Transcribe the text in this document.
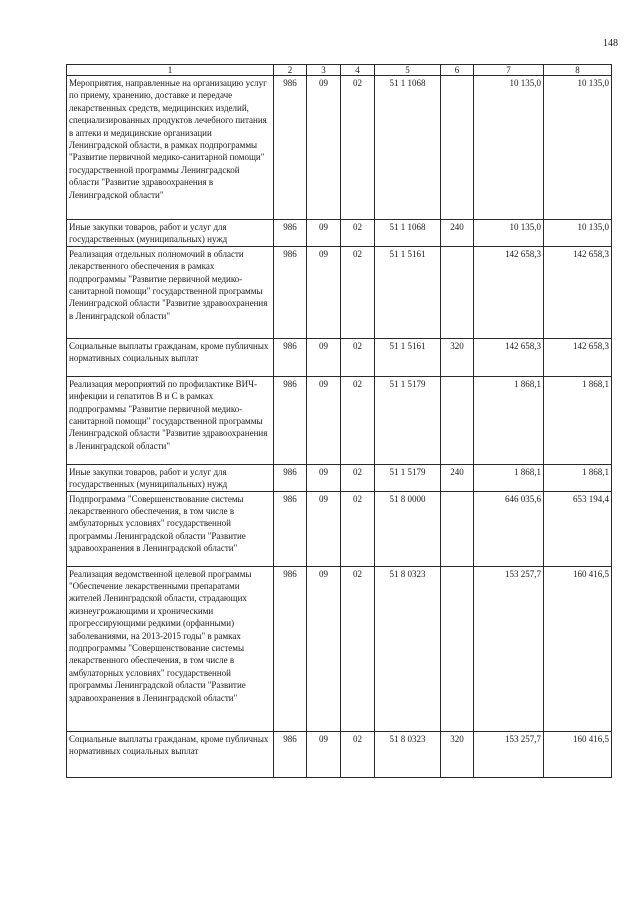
148
1	2	3	4	5	6	7	8
Мероприятия, направленные на организацию услуг по приему, хранению, доставке и передаче лекарственных средств, медицинских изделий, специализированных продуктов лечебного питания в аптеки и медицинские организации Ленинградской области, в рамках подпрограммы "Развитие первичной медико-санитарной помощи" государственной программы Ленинградской области "Развитие здравоохранения в Ленинградской области"	986	09	02	51 1 1068		10 135,0	10 135,0
Иные закупки товаров, работ и услуг для государственных (муниципальных) нужд	986	09	02	51 1 1068	240	10 135,0	10 135,0
Реализация отдельных полномочий в области лекарственного обеспечения в рамках подпрограммы "Развитие первичной медико-санитарной помощи" государственной программы Ленинградской области "Развитие здравоохранения в Ленинградской области"	986	09	02	51 1 5161		142 658,3	142 658,3
Социальные выплаты гражданам, кроме публичных нормативных социальных выплат	986	09	02	51 1 5161	320	142 658,3	142 658,3
Реализация мероприятий по профилактике ВИЧ-инфекции и гепатитов B и C в рамках подпрограммы "Развитие первичной медико-санитарной помощи" государственной программы Ленинградской области "Развитие здравоохранения в Ленинградской области"	986	09	02	51 1 5179		1 868,1	1 868,1
Иные закупки товаров, работ и услуг для государственных (муниципальных) нужд	986	09	02	51 1 5179	240	1 868,1	1 868,1
Подпрограмма "Совершенствование системы лекарственного обеспечения, в том числе в амбулаторных условиях" государственной программы Ленинградской области "Развитие здравоохранения в Ленинградской области"	986	09	02	51 8 0000		646 035,6	653 194,4
Реализация ведомственной целевой программы "Обеспечение лекарственными препаратами жителей Ленинградской области, страдающих жизнеугрожающими и хроническими прогрессирующими редкими (орфанными) заболеваниями, на 2013-2015 годы" в рамках подпрограммы "Совершенствование системы лекарственного обеспечения, в том числе в амбулаторных условиях" государственной программы Ленинградской области "Развитие здравоохранения в Ленинградской области"	986	09	02	51 8 0323		153 257,7	160 416,5
Социальные выплаты гражданам, кроме публичных нормативных социальных выплат	986	09	02	51 8 0323	320	153 257,7	160 416,5
